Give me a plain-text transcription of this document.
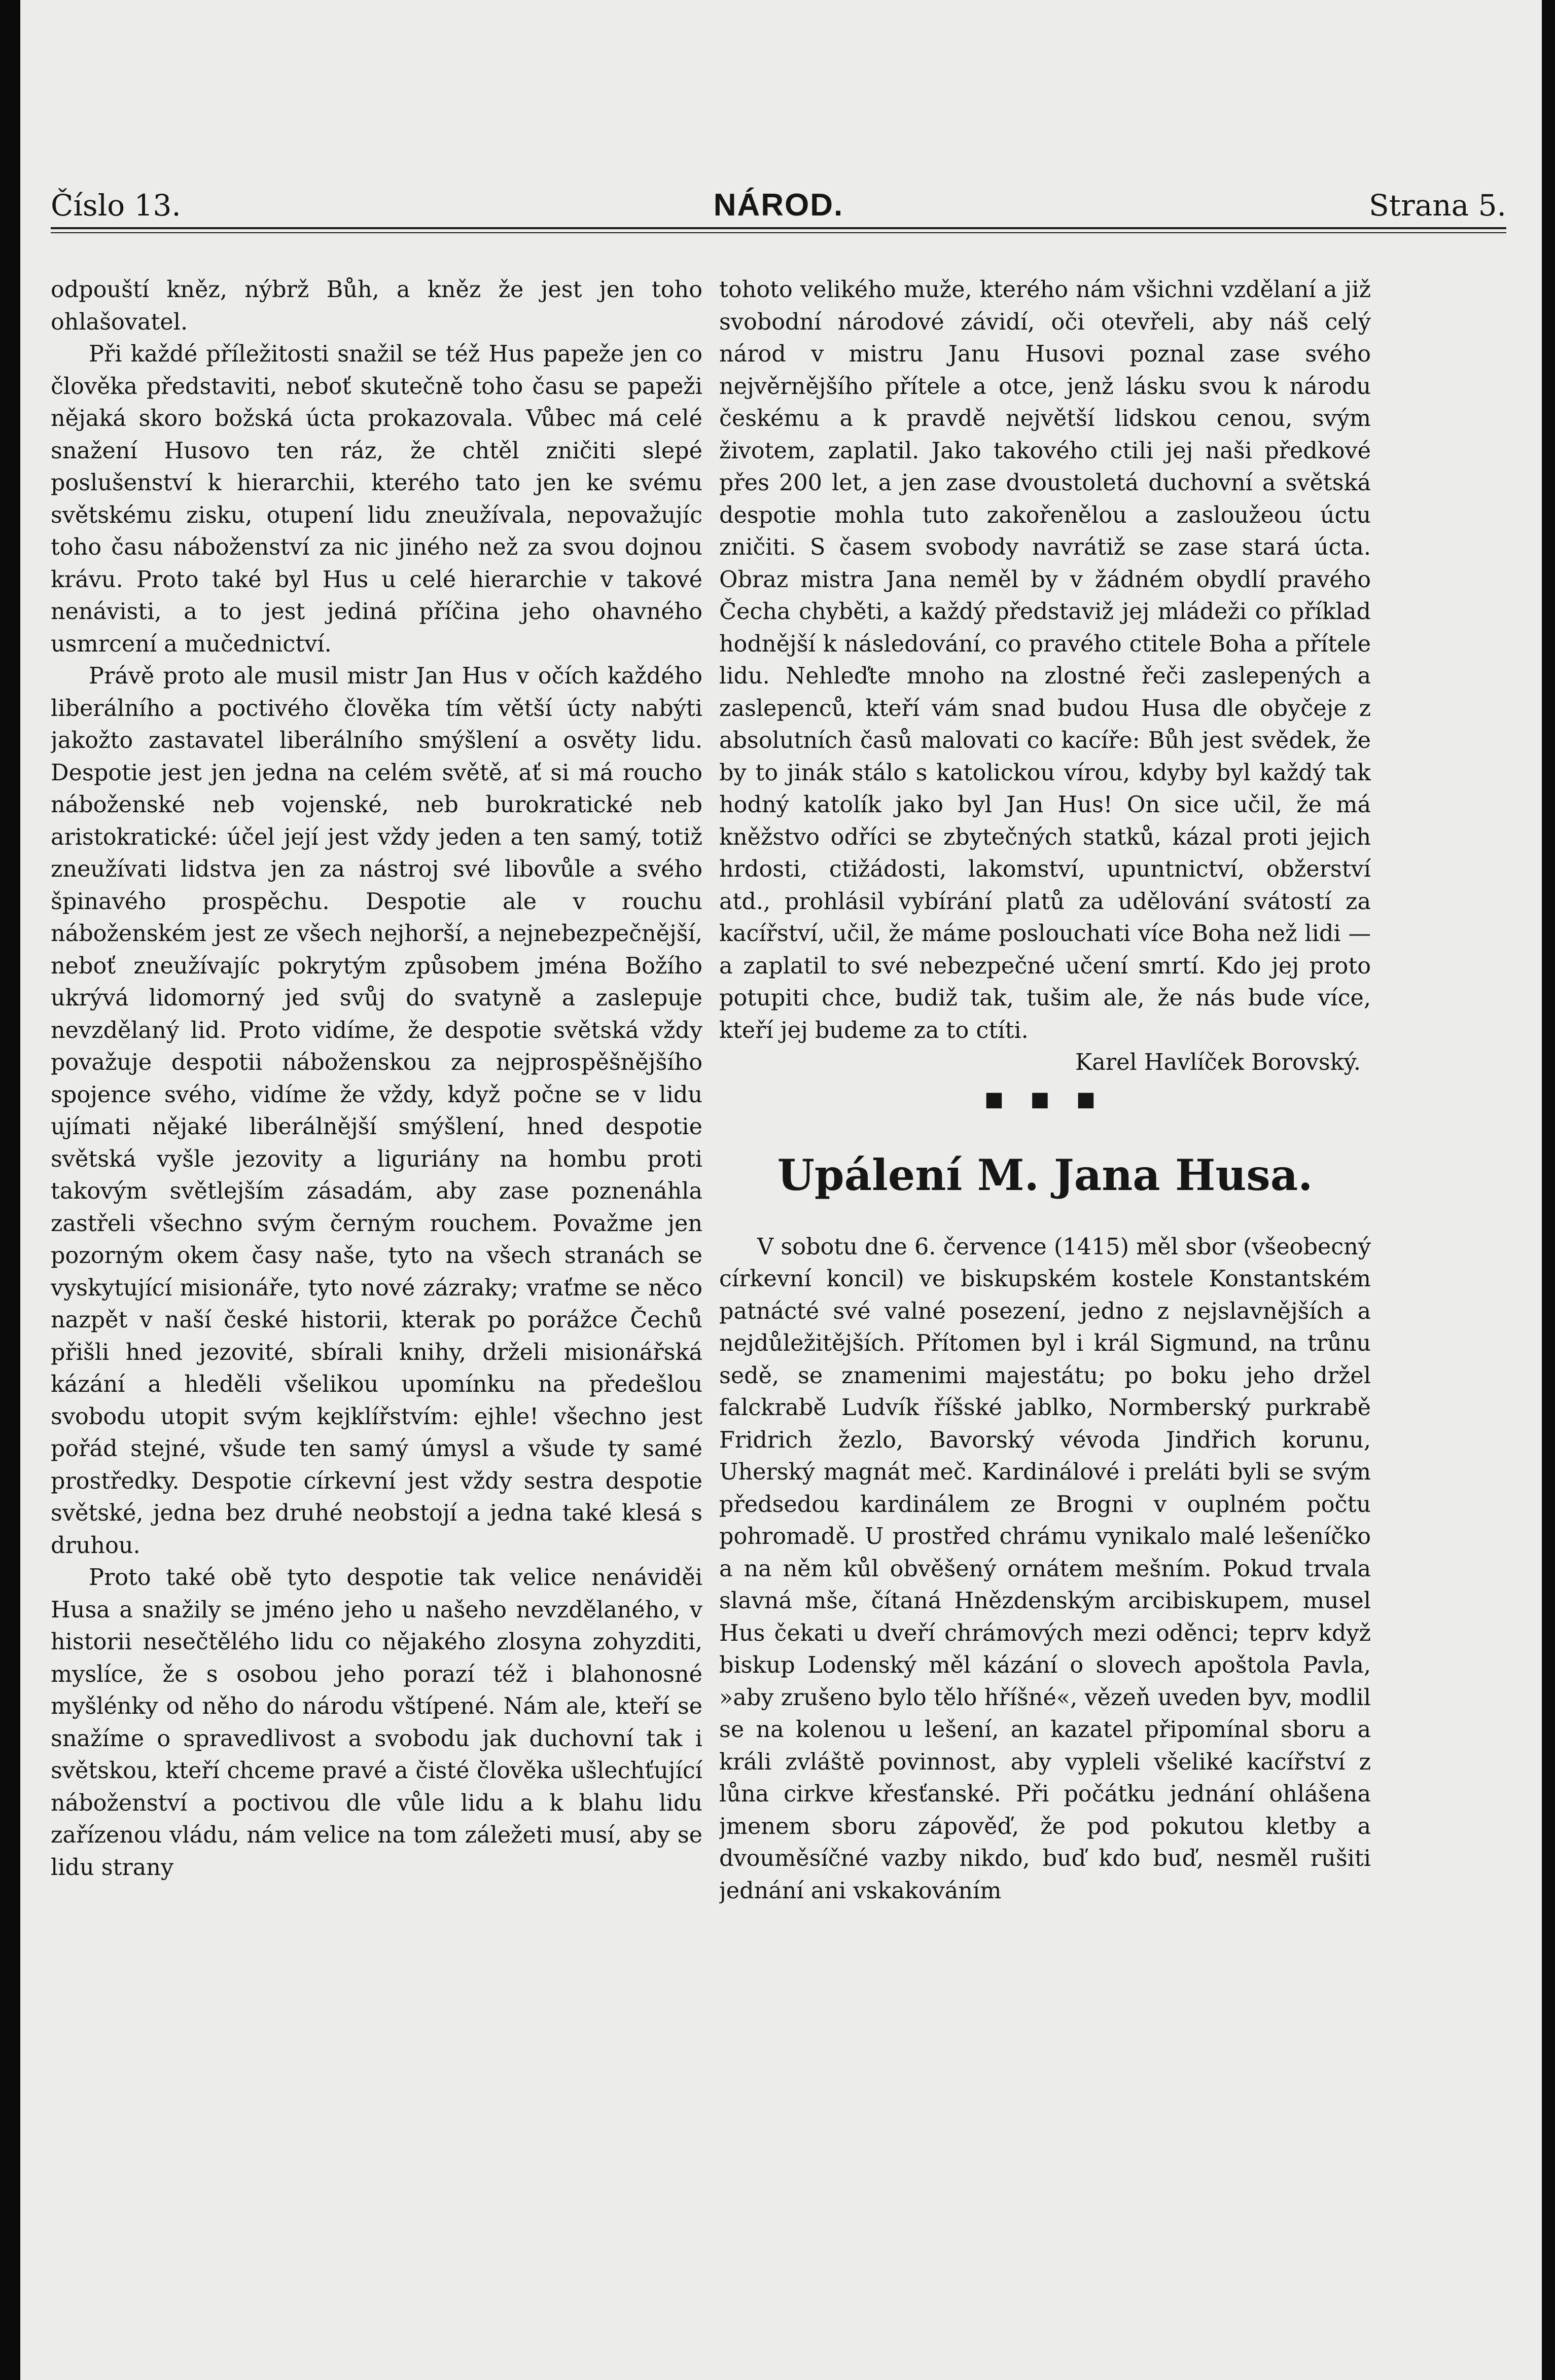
Číslo 13.	NÁROD.	Strana 5.

odpouští kněz, nýbrž Bůh, a kněz že jest jen toho ohlašovatel.

Při každé příležitosti snažil se též Hus papeže jen co člověka představiti, neboť skutečně toho času se papeži nějaká skoro božská úcta prokazovala. Vůbec má celé snažení Husovo ten ráz, že chtěl zničiti slepé poslušenství k hierarchii, kterého tato jen ke svému světskému zisku, otupení lidu zneužívala, nepovažujíc toho času náboženství za nic jiného než za svou dojnou krávu. Proto také byl Hus u celé hierarchie v takové nenávisti, a to jest jediná příčina jeho ohavného usmrcení a mučednictví.

Právě proto ale musil mistr Jan Hus v očích každého liberálního a poctivého člověka tím větší úcty nabýti jakožto zastavatel liberálního smýšlení a osvěty lidu. Despotie jest jen jedna na celém světě, ať si má roucho náboženské neb vojenské, neb burokratické neb aristokratické: účel její jest vždy jeden a ten samý, totiž zneužívati lidstva jen za nástroj své libovůle a svého špinavého prospěchu. Despotie ale v rouchu náboženském jest ze všech nejhorší, a nejnebezpečnější, neboť zneužívajíc pokrytým způsobem jména Božího ukrývá lidomorný jed svůj do svatyně a zaslepuje nevzdělaný lid. Proto vidíme, že despotie světská vždy považuje despotii náboženskou za nejprospěšnějšího spojence svého, vidíme že vždy, když počne se v lidu ujímati nějaké liberálnější smýšlení, hned despotie světská vyšle jezovity a liguriány na hombu proti takovým světlejším zásadám, aby zase poznenáhla zastřeli všechno svým černým rouchem. Považme jen pozorným okem časy naše, tyto na všech stranách se vyskytující misionáře, tyto nové zázraky; vraťme se něco nazpět v naší české historii, kterak po porážce Čechů přišli hned jezovité, sbírali knihy, drželi misionářská kázání a hleděli všelikou upomínku na předešlou svobodu utopit svým kejklířstvím: ejhle! všechno jest pořád stejné, všude ten samý úmysl a všude ty samé prostředky. Despotie církevní jest vždy sestra despotie světské, jedna bez druhé neobstojí a jedna také klesá s druhou.

Proto také obě tyto despotie tak velice nenáviděi Husa a snažily se jméno jeho u našeho nevzdělaného, v historii nesečtělého lidu co nějakého zlosyna zohyzditi, myslíce, že s osobou jeho porazí též i blahonosné myšlénky od něho do národu vštípené. Nám ale, kteří se snažíme o spravedlivost a svobodu jak duchovní tak i světskou, kteří chceme pravé a čisté člověka ušlechťující náboženství a poctivou dle vůle lidu a k blahu lidu zařízenou vládu, nám velice na tom záležeti musí, aby se lidu strany

tohoto velikého muže, kterého nám všichni vzdělaní a již svobodní národové závidí, oči otevřeli, aby náš celý národ v mistru Janu Husovi poznal zase svého nejvěrnějšího přítele a otce, jenž lásku svou k národu českému a k pravdě největší lidskou cenou, svým životem, zaplatil. Jako takového ctili jej naši předkové přes 200 let, a jen zase dvoustoletá duchovní a světská despotie mohla tuto zakořenělou a zasloužeou úctu zničiti. S časem svobody navrátiž se zase stará úcta. Obraz mistra Jana neměl by v žádném obydlí pravého Čecha chyběti, a každý představiž jej mládeži co příklad hodnější k následování, co pravého ctitele Boha a přítele lidu. Nehleďte mnoho na zlostné řeči zaslepených a zaslepenců, kteří vám snad budou Husa dle obyčeje z absolutních časů malovati co kacíře: Bůh jest svědek, že by to jinák stálo s katolickou vírou, kdyby byl každý tak hodný katolík jako byl Jan Hus! On sice učil, že má kněžstvo odříci se zbytečných statků, kázal proti jejich hrdosti, ctižádosti, lakomství, upuntnictví, obžerství atd., prohlásil vybírání platů za udělování svátostí za kacířství, učil, že máme poslouchati více Boha než lidi — a zaplatil to své nebezpečné učení smrtí. Kdo jej proto potupiti chce, budiž tak, tušim ale, že nás bude více, kteří jej budeme za to ctíti.

Karel Havlíček Borovský.

■ ■ ■
Upálení M. Jana Husa.

V sobotu dne 6. července (1415) měl sbor (všeobecný církevní koncil) ve biskupském kostele Konstantském patnácté své valné posezení, jedno z nejslavnějších a nejdůležitějších. Přítomen byl i král Sigmund, na trůnu sedě, se znamenimi majestátu; po boku jeho držel falckrabě Ludvík říšské jablko, Normberský purkrabě Fridrich žezlo, Bavorský vévoda Jindřich korunu, Uherský magnát meč. Kardinálové i preláti byli se svým předsedou kardinálem ze Brogni v ouplném počtu pohromadě. U prostřed chrámu vynikalo malé lešeníčko a na něm kůl obvěšený ornátem mešním. Pokud trvala slavná mše, čítaná Hnězdenským arcibiskupem, musel Hus čekati u dveří chrámových mezi oděnci; teprv když biskup Lodenský měl kázání o slovech apoštola Pavla, »aby zrušeno bylo tělo hříšné«, vězeň uveden byv, modlil se na kolenou u lešení, an kazatel připomínal sboru a králi zvláště povinnost, aby vypleli všeliké kacířství z lůna cirkve křesťanské. Při počátku jednání ohlášena jmenem sboru zápověď, že pod pokutou kletby a dvouměsíčné vazby nikdo, buď kdo buď, nesměl rušiti jednání ani vskakováním
